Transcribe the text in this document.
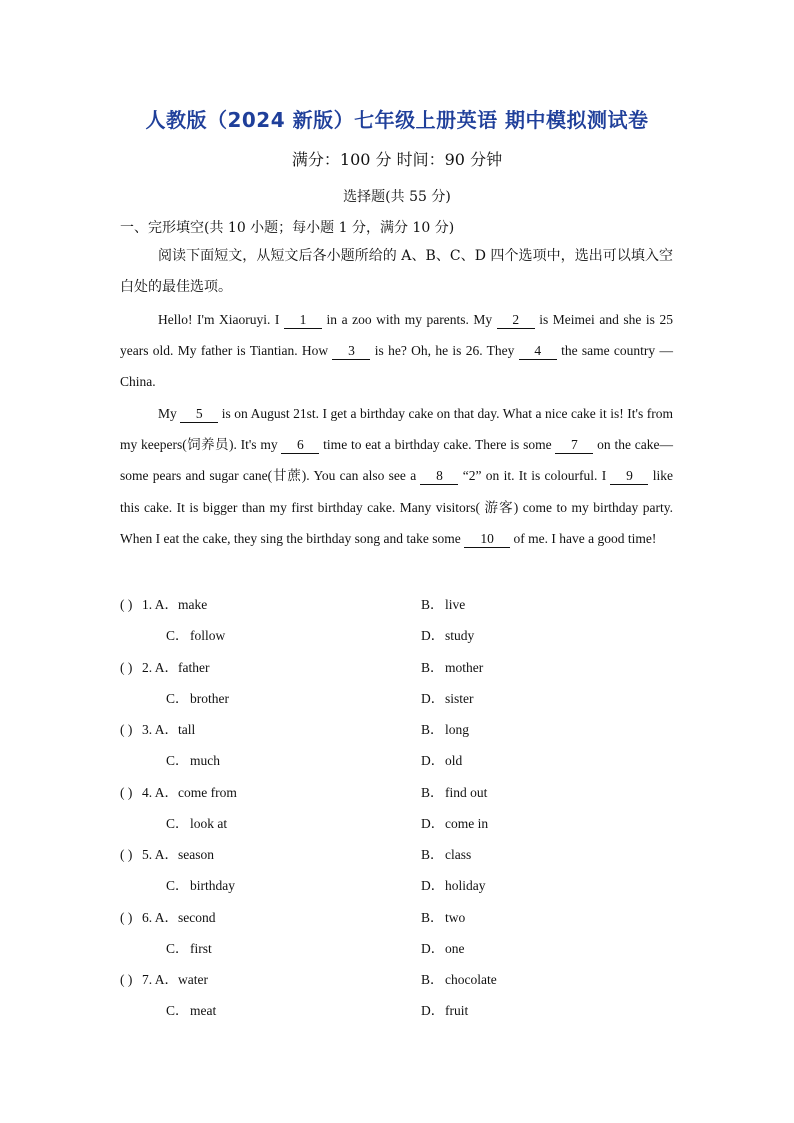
人教版（2024 新版）七年级上册英语 期中模拟测试卷
满分：100 分 时间：90 分钟
选择题(共 55 分)
一、完形填空(共 10 小题；每小题 1 分，满分 10 分)

阅读下面短文，从短文后各小题所给的 A、B、C、D 四个选项中，选出可以填入空白处的最佳选项。

Hello! I'm Xiaoruyi. I 1 in a zoo with my parents. My 2 is Meimei and she is 25 years old. My father is Tiantian. How 3 is he? Oh, he is 26. They 4 the same country —China.

My 5 is on August 21st. I get a birthday cake on that day. What a nice cake it is! It's from my keepers(饲养员). It's my 6 time to eat a birthday cake. There is some 7 on the cake—some pears and sugar cane(甘蔗). You can also see a 8 “2” on it. It is colourful. I 9 like this cake. It is bigger than my first birthday cake. Many visitors( 游客) come to my birthday party. When I eat the cake, they sing the birthday song and take some 10 of me. I have a good time!

( ) 1. A．make	B．live
C．follow	D．study
( ) 2. A．father	B．mother
C．brother	D．sister
( ) 3. A．tall	B．long
C．much	D．old
( ) 4. A．come from	B．find out
C．look at	D．come in
( ) 5. A．season	B．class
C．birthday	D．holiday
( ) 6. A．second	B．two
C．first	D．one
( ) 7. A．water	B．chocolate
C．meat	D．fruit
